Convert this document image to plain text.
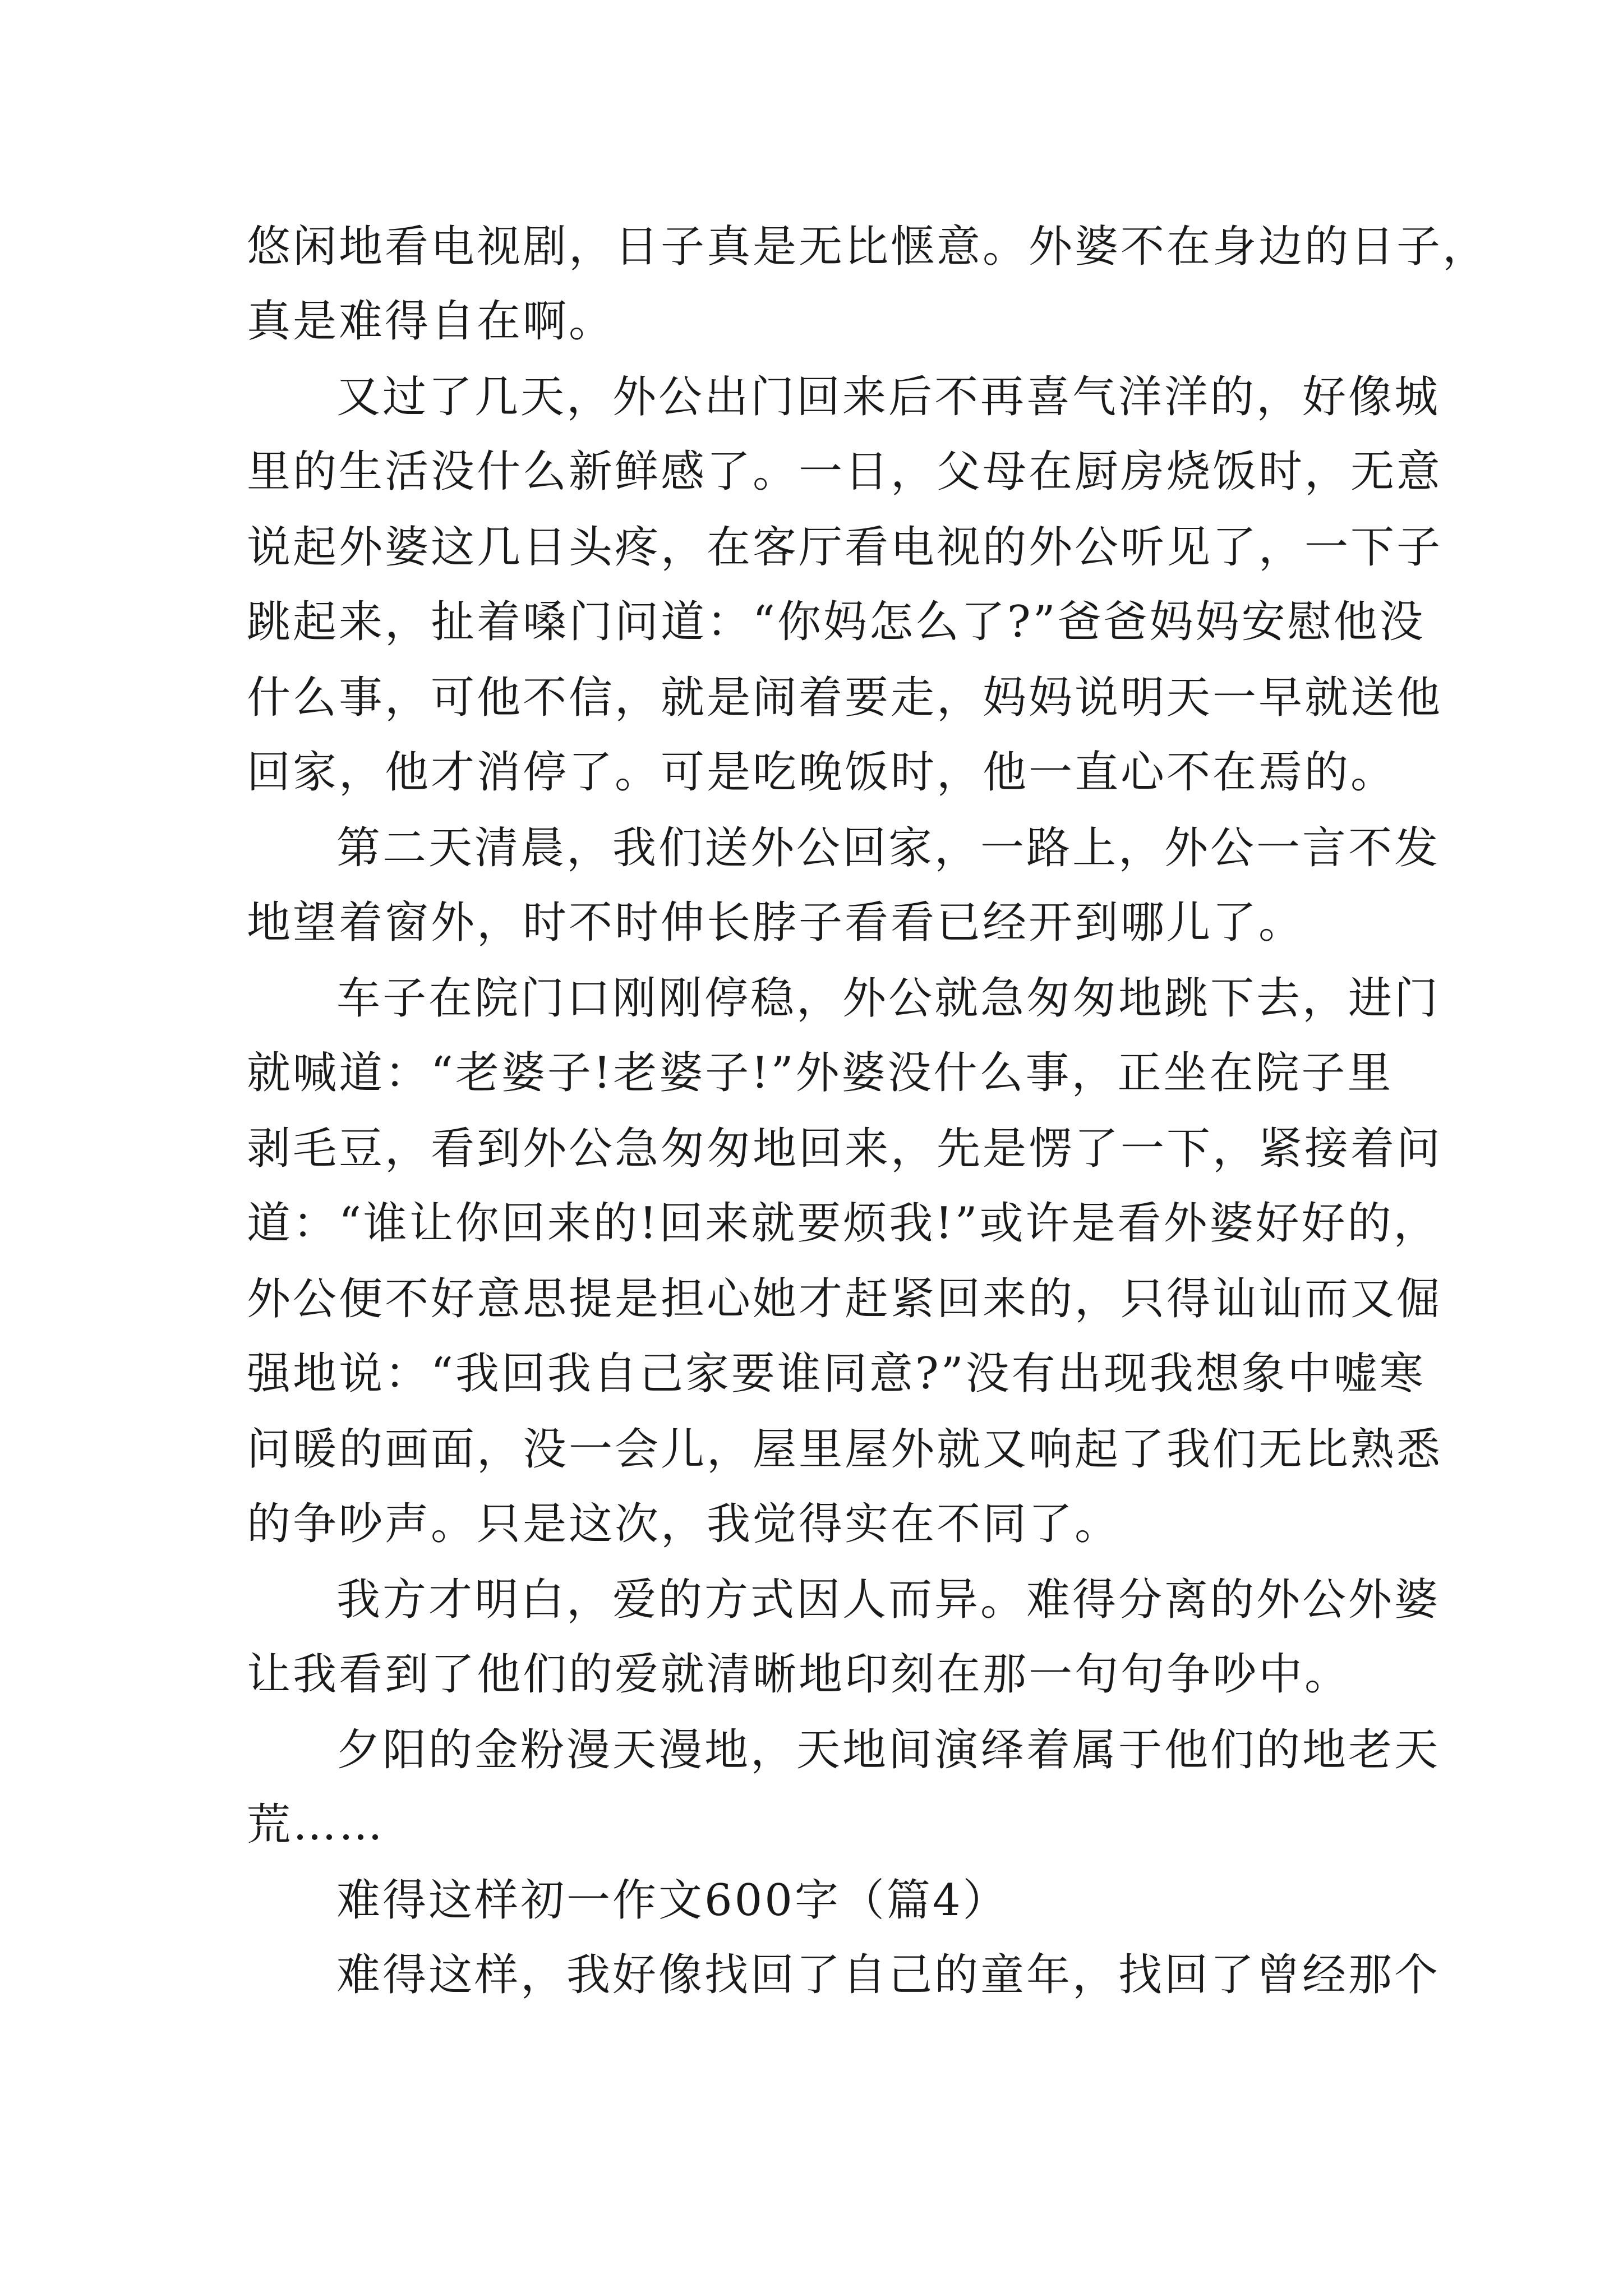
悠闲地看电视剧，日子真是无比惬意。外婆不在身边的日子，
真是难得自在啊。
又过了几天，外公出门回来后不再喜气洋洋的，好像城
里的生活没什么新鲜感了。一日，父母在厨房烧饭时，无意
说起外婆这几日头疼，在客厅看电视的外公听见了，一下子
跳起来，扯着嗓门问道：“你妈怎么了?”爸爸妈妈安慰他没
什么事，可他不信，就是闹着要走，妈妈说明天一早就送他
回家，他才消停了。可是吃晚饭时，他一直心不在焉的。
第二天清晨，我们送外公回家，一路上，外公一言不发
地望着窗外，时不时伸长脖子看看已经开到哪儿了。
车子在院门口刚刚停稳，外公就急匆匆地跳下去，进门
就喊道：“老婆子!老婆子!”外婆没什么事，正坐在院子里
剥毛豆，看到外公急匆匆地回来，先是愣了一下，紧接着问
道：“谁让你回来的!回来就要烦我!”或许是看外婆好好的，
外公便不好意思提是担心她才赶紧回来的，只得讪讪而又倔
强地说：“我回我自己家要谁同意?”没有出现我想象中嘘寒
问暖的画面，没一会儿，屋里屋外就又响起了我们无比熟悉
的争吵声。只是这次，我觉得实在不同了。
我方才明白，爱的方式因人而异。难得分离的外公外婆
让我看到了他们的爱就清晰地印刻在那一句句争吵中。
夕阳的金粉漫天漫地，天地间演绎着属于他们的地老天
荒……
难得这样初一作文600字（篇4）
难得这样，我好像找回了自己的童年，找回了曾经那个
